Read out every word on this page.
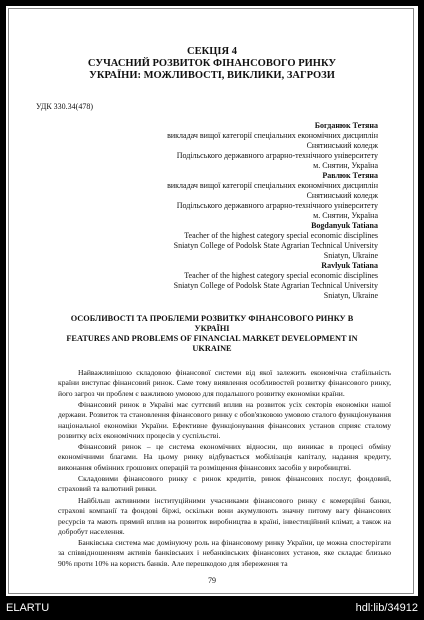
СЕКЦІЯ 4
СУЧАСНИЙ РОЗВИТОК ФІНАНСОВОГО РИНКУ
УКРАЇНИ: МОЖЛИВОСТІ, ВИКЛИКИ, ЗАГРОЗИ
УДК 330.34(478)
Богданюк Тетяна
викладач вищої категорії спеціальних економічних дисциплін
Снятинський коледж
Подільського державного аграрно-технічного університету
м. Снятин, Україна
Равлюк Тетяна
викладач вищої категорії спеціальних економічних дисциплін
Снятинський коледж
Подільського державного аграрно-технічного університету
м. Снятин, Україна
Bogdanyuk Tatiana
Teacher of the highest category special economic disciplines
Sniatyn College of Podolsk State Agrarian Technical University
Sniatyn, Ukraine
Ravlyuk Tatiana
Teacher of the highest category special economic disciplines
Sniatyn College of Podolsk State Agrarian Technical University
Sniatyn, Ukraine
ОСОБЛИВОСТІ ТА ПРОБЛЕМИ РОЗВИТКУ ФІНАНСОВОГО РИНКУ В
УКРАЇНІ
FEATURES AND PROBLEMS OF FINANCIAL MARKET DEVELOPMENT IN
UKRAINE

Найважливішою складовою фінансової системи від якої залежить економічна стабільність країни виступає фінансовий ринок. Саме тому виявлення особливостей розвитку фінансового ринку, його загроз чи проблем є важливою умовою для подальшого розвитку економіки країни.

Фінансовий ринок в Україні має суттєвий вплив на розвиток усіх секторів економіки нашої держави. Розвиток та становлення фінансового ринку є обов'язковою умовою сталого функціонування національної економіки України. Ефективне функціонування фінансових установ сприяє сталому розвитку всіх економічних процесів у суспільстві.

Фінансовий ринок – це система економічних відносин, що виникає в процесі обміну економічними благами. На цьому ринку відбувається мобілізація капіталу, надання кредиту, виконання обмінних грошових операцій та розміщення фінансових засобів у виробництві.

Складовими фінансового ринку є ринок кредитів, ринок фінансових послуг, фондовий, страховий та валютний ринки.

Найбільш активними інституційними учасниками фінансового ринку є комерційні банки, страхові компанії та фондові біржі, оскільки вони акумулюють значну питому вагу фінансових ресурсів та мають прямий вплив на розвиток виробництва в країні, інвестиційний клімат, а також на добробут населення.

Банківська система має домінуючу роль на фінансовому ринку України, це можна спостерігати за співвідношенням активів банківських і небанківських фінансових установ, яке складає близько 90% проти 10% на користь банків. Але перешкодою для збереження та

79
ELARTU	hdl:lib/34912
